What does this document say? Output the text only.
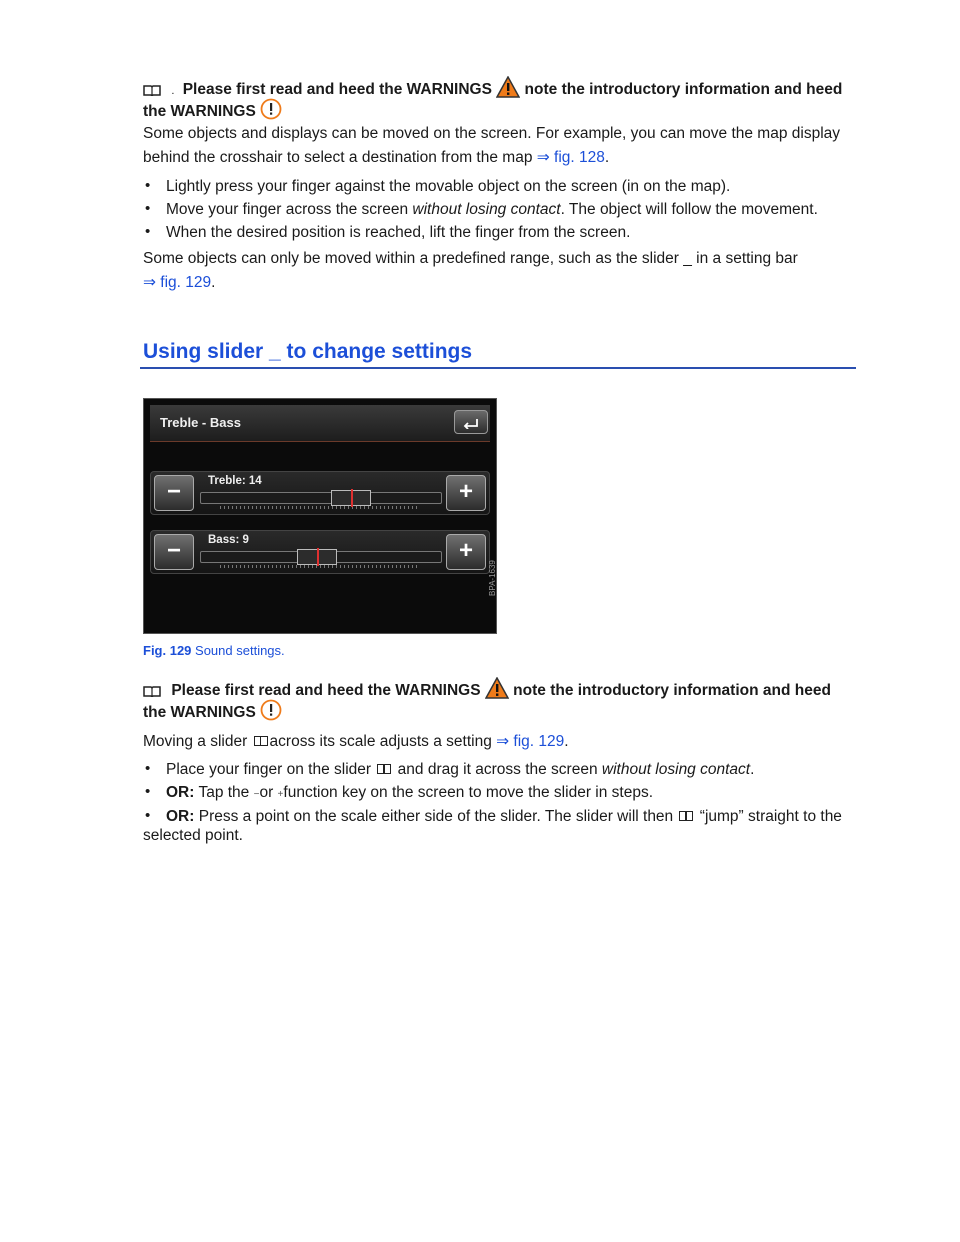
. Please first read and heed the WARNINGS note the introductory information and heed
the WARNINGS
Some objects and displays can be moved on the screen. For example, you can move the map display
behind the crosshair to select a destination from the map ⇒ fig. 128.
• Lightly press your finger against the movable object on the screen (in on the map).
• Move your finger across the screen without losing contact. The object will follow the movement.
• When the desired position is reached, lift the finger from the screen.
Some objects can only be moved within a predefined range, such as the slider _ in a setting bar
⇒ fig. 129.
Using slider _ to change settings
Treble - Bass
−	+
Treble: 14
−	+
Bass: 9
BPA-1639
Fig. 129 Sound settings.
Please first read and heed the WARNINGS note the introductory information and heed
the WARNINGS
Moving a slider across its scale adjusts a setting ⇒ fig. 129.
• Place your finger on the slider  and drag it across the screen without losing contact.
• OR: Tap the −or +function key on the screen to move the slider in steps.
• OR: Press a point on the scale either side of the slider. The slider will then  “jump” straight to the
selected point.
